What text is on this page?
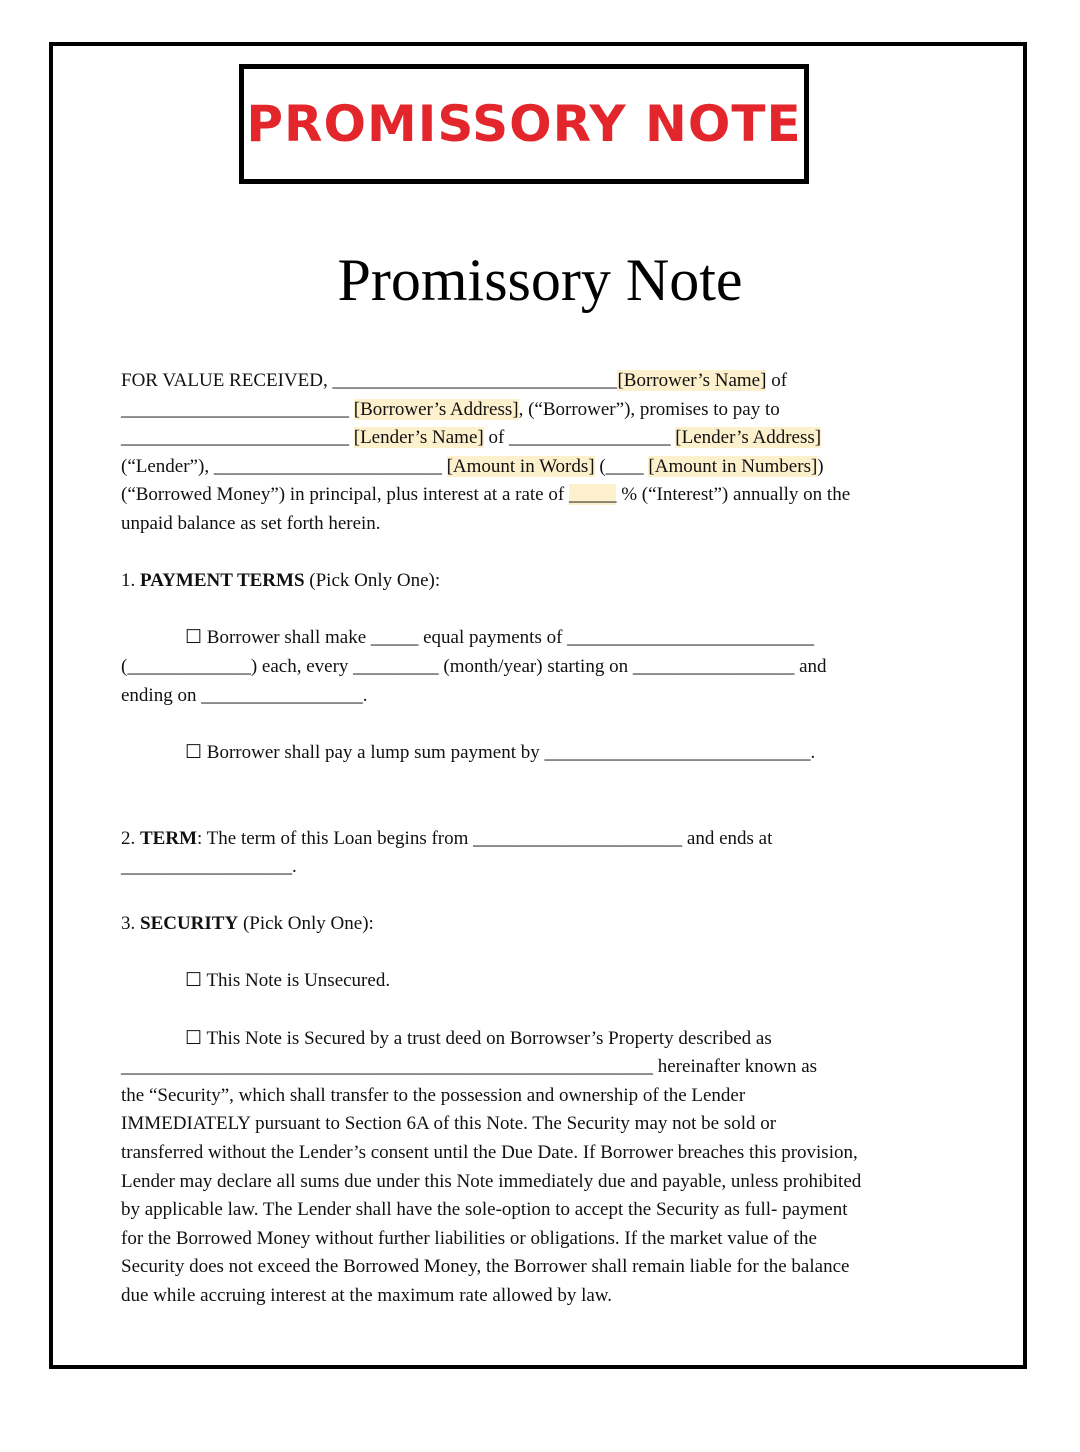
PROMISSORY NOTE
Promissory Note
FOR VALUE RECEIVED, ______________________________[Borrower’s Name] of
________________________ [Borrower’s Address], (“Borrower”), promises to pay to
________________________ [Lender’s Name] of _________________ [Lender’s Address]
(“Lender”), ________________________ [Amount in Words] (____ [Amount in Numbers])
(“Borrowed Money”) in principal, plus interest at a rate of _____ % (“Interest”) annually on the
unpaid balance as set forth herein.
1. PAYMENT TERMS (Pick Only One):
☐ Borrower shall make _____ equal payments of __________________________
(_____________) each, every _________ (month/year) starting on _________________ and
ending on _________________.
☐ Borrower shall pay a lump sum payment by ____________________________.
2. TERM: The term of this Loan begins from ______________________ and ends at
__________________.
3. SECURITY (Pick Only One):
☐ This Note is Unsecured.
☐ This Note is Secured by a trust deed on Borrowser’s Property described as
________________________________________________________ hereinafter known as
the “Security”, which shall transfer to the possession and ownership of the Lender
IMMEDIATELY pursuant to Section 6A of this Note. The Security may not be sold or
transferred without the Lender’s consent until the Due Date. If Borrower breaches this provision,
Lender may declare all sums due under this Note immediately due and payable, unless prohibited
by applicable law. The Lender shall have the sole-option to accept the Security as full- payment
for the Borrowed Money without further liabilities or obligations. If the market value of the
Security does not exceed the Borrowed Money, the Borrower shall remain liable for the balance
due while accruing interest at the maximum rate allowed by law.
